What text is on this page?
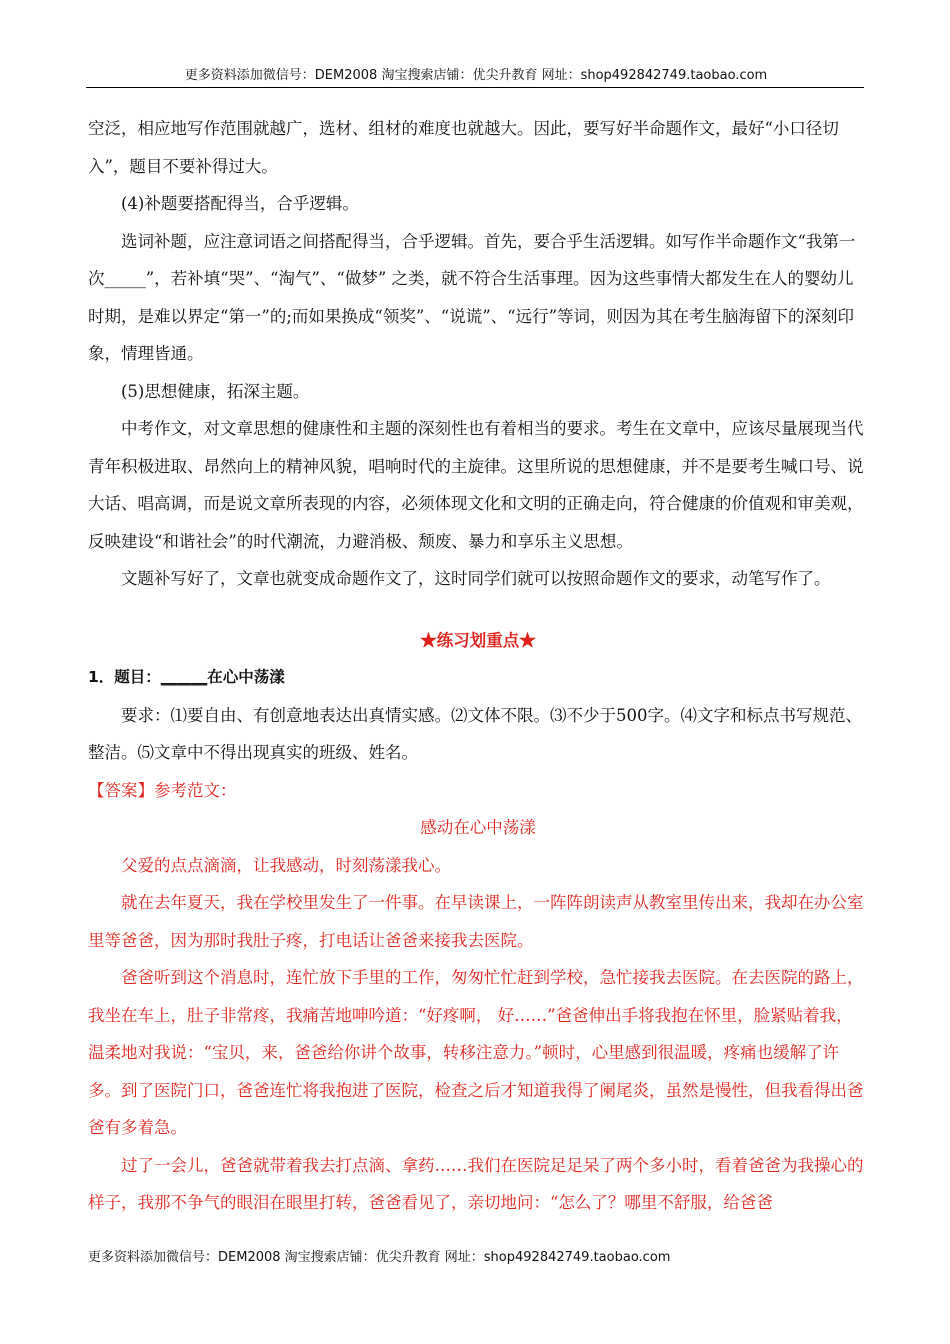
更多资料添加微信号：DEM2008 淘宝搜索店铺：优尖升教育 网址：shop492842749.taobao.com

空泛，相应地写作范围就越广，选材、组材的难度也就越大。因此，要写好半命题作文，最好“小口径切入”，题目不要补得过大。

(4)补题要搭配得当，合乎逻辑。

选词补题，应注意词语之间搭配得当，合乎逻辑。首先，要合乎生活逻辑。如写作半命题作文“我第一次_____”，若补填“哭”、“淘气”、“做梦” 之类，就不符合生活事理。因为这些事情大都发生在人的婴幼儿时期，是难以界定“第一”的;而如果换成“领奖”、“说谎”、“远行”等词，则因为其在考生脑海留下的深刻印象，情理皆通。

(5)思想健康，拓深主题。

中考作文，对文章思想的健康性和主题的深刻性也有着相当的要求。考生在文章中，应该尽量展现当代青年积极进取、昂然向上的精神风貌，唱响时代的主旋律。这里所说的思想健康，并不是要考生喊口号、说大话、唱高调，而是说文章所表现的内容，必须体现文化和文明的正确走向，符合健康的价值观和审美观，反映建设“和谐社会”的时代潮流，力避消极、颓废、暴力和享乐主义思想。

文题补写好了，文章也就变成命题作文了，这时同学们就可以按照命题作文的要求，动笔写作了。

★练习划重点★

1．题目：______在心中荡漾

要求：⑴要自由、有创意地表达出真情实感。⑵文体不限。⑶不少于500字。⑷文字和标点书写规范、整洁。⑸文章中不得出现真实的班级、姓名。

【答案】参考范文：

感动在心中荡漾

父爱的点点滴滴，让我感动，时刻荡漾我心。

就在去年夏天，我在学校里发生了一件事。在早读课上，一阵阵朗读声从教室里传出来，我却在办公室里等爸爸，因为那时我肚子疼，打电话让爸爸来接我去医院。

爸爸听到这个消息时，连忙放下手里的工作，匆匆忙忙赶到学校，急忙接我去医院。在去医院的路上，我坐在车上，肚子非常疼，我痛苦地呻吟道：“好疼啊， 好……”爸爸伸出手将我抱在怀里，脸紧贴着我，温柔地对我说：“宝贝，来，爸爸给你讲个故事，转移注意力。”顿时，心里感到很温暖，疼痛也缓解了许多。到了医院门口，爸爸连忙将我抱进了医院，检查之后才知道我得了阑尾炎，虽然是慢性，但我看得出爸爸有多着急。

过了一会儿，爸爸就带着我去打点滴、拿药……我们在医院足足呆了两个多小时，看着爸爸为我操心的样子，我那不争气的眼泪在眼里打转，爸爸看见了，亲切地问：“怎么了？哪里不舒服，给爸爸

更多资料添加微信号：DEM2008 淘宝搜索店铺：优尖升教育 网址：shop492842749.taobao.com
